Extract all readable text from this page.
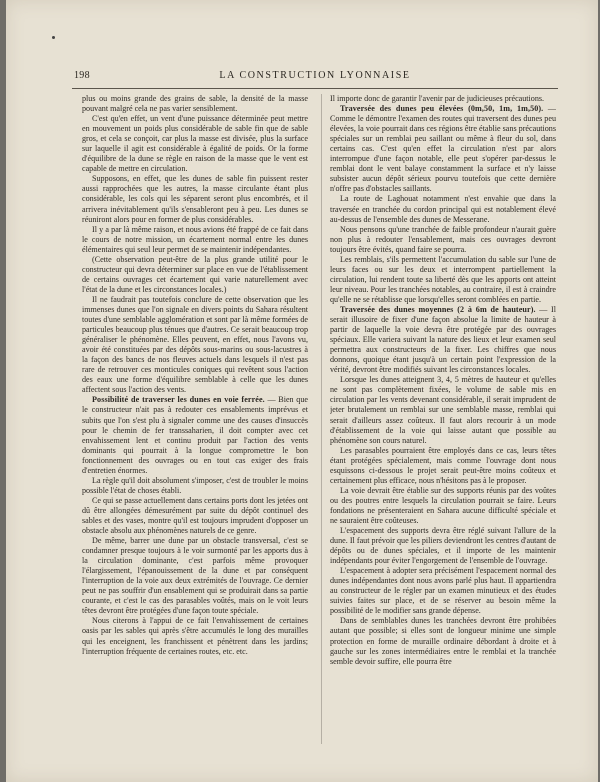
198	LA CONSTRUCTION LYONNAISE

plus ou moins grande des grains de sable, la densité de la masse pouvant malgré cela ne pas varier sensiblement.

C'est qu'en effet, un vent d'une puissance déterminée peut mettre en mouvement un poids plus considérable de sable fin que de sable gros, et cela se conçoit, car plus la masse est divisée, plus la surface sur laquelle il agit est considérable à égalité de poids. Or la forme d'équilibre de la dune se règle en raison de la masse que le vent est capable de mettre en circulation.

Supposons, en effet, que les dunes de sable fin puissent rester aussi rapprochées que les autres, la masse circulante étant plus considérable, les cols qui les séparent seront plus encombrés, et il arrivera inévitablement qu'ils s'ensableront peu à peu. Les dunes se réuniront alors pour en former de plus considérables.

Il y a par là même raison, et nous avions été frappé de ce fait dans le cours de notre mission, un écartement normal entre les dunes élémentaires qui seul leur permet de se maintenir indépendantes.

(Cette observation peut-être de la plus grande utilité pour le constructeur qui devra déterminer sur place en vue de l'établissement de certains ouvrages cet écartement qui varie naturellement avec l'état de la dune et les circonstances locales.)

Il ne faudrait pas toutefois conclure de cette observation que les immenses dunes que l'on signale en divers points du Sahara résultent toutes d'une semblable agglomération et sont par là même formées de particules beaucoup plus ténues que d'autres. Ce serait beaucoup trop généraliser le phénomène. Elles peuvent, en effet, nous l'avons vu, avoir été constituées par des dépôts sous-marins ou sous-lacustres à la façon des bancs de nos fleuves actuels dans lesquels il n'est pas rare de retrouver ces monticules coniques qui revêtent sous l'action des eaux une forme d'équilibre semblable à celle que les dunes affectent sous l'action des vents.

Possibilité de traverser les dunes en voie ferrée. — Bien que le constructeur n'ait pas à redouter ces ensablements imprévus et subits que l'on s'est plu à signaler comme une des causes d'insuccès pour le chemin de fer transsaharien, il doit compter avec cet envahissement lent et continu produit par l'action des vents dominants qui pourrait à la longue compromettre le bon fonctionnement des ouvrages ou en tout cas exiger des frais d'entretien énormes.

La règle qu'il doit absolument s'imposer, c'est de troubler le moins possible l'état de choses établi.

Ce qui se passe actuellement dans certains ports dont les jetées ont dû être allongées démesurément par suite du dépôt continuel des sables et des vases, montre qu'il est toujours imprudent d'opposer un obstacle absolu aux phénomènes naturels de ce genre.

De même, barrer une dune par un obstacle transversal, c'est se condamner presque toujours à le voir surmonté par les apports dus à la circulation dominante, c'est parfois même provoquer l'élargissement, l'épanouissement de la dune et par conséquent l'interruption de la voie aux deux extrémités de l'ouvrage. Ce dernier peut ne pas souffrir d'un ensablement qui se produirait dans sa partie courante, et c'est le cas des parasables voûtés, mais on le voit leurs têtes devront être protégées d'une façon toute spéciale.

Nous citerons à l'appui de ce fait l'envahissement de certaines oasis par les sables qui après s'être accumulés le long des murailles qui les enceignent, les franchissent et pénètrent dans les jardins; l'interruption fréquente de certaines routes, etc. etc.

Il importe donc de garantir l'avenir par de judicieuses précautions.

Traversée des dunes peu élevées (0m,50, 1m, 1m,50). — Comme le démontre l'examen des routes qui traversent des dunes peu élevées, la voie pourrait dans ces régions être établie sans précautions spéciales sur un remblai peu saillant ou même à fleur du sol, dans certains cas. C'est qu'en effet la circulation n'est par alors interrompue d'une façon notable, elle peut s'opérer par-dessus le remblai dont le vent balaye constamment la surface et n'y laisse subsister aucun dépôt sérieux pourvu toutefois que cette dernière n'offre pas d'obstacles saillants.

La route de Laghouat notamment n'est envahie que dans la traversée en tranchée du cordon principal qui est notablement élevé au-dessus de l'ensemble des dunes de Messerane.

Nous pensons qu'une tranchée de faible profondeur n'aurait guère non plus à redouter l'ensablement, mais ces ouvrages devront toujours être évités, quand faire se pourra.

Les remblais, s'ils permettent l'accumulation du sable sur l'une de leurs faces ou sur les deux et interrompent partiellement la circulation, lui rendent toute sa liberté dès que les apports ont atteint leur niveau. Pour les tranchées notables, au contraire, il est à craindre qu'elle ne se rétablisse que lorsqu'elles seront comblées en partie.

Traversée des dunes moyennes (2 à 6m de hauteur). — Il serait illusoire de fixer d'une façon absolue la limite de hauteur à partir de laquelle la voie devra être protégée par des ouvrages spéciaux. Elle variera suivant la nature des lieux et leur examen seul permettra aux constructeurs de la fixer. Les chiffres que nous donnons, quoique étant jusqu'à un certain point l'expression de la vérité, devront être modifiés suivant les circonstances locales.

Lorsque les dunes atteignent 3, 4, 5 mètres de hauteur et qu'elles ne sont pas complètement fixées, le volume de sable mis en circulation par les vents devenant considérable, il serait imprudent de jeter brutalement un remblai sur une semblable masse, remblai qui serait d'ailleurs assez coûteux. Il faut alors recourir à un mode d'établissement de la voie qui laisse autant que possible au phénomène son cours naturel.

Les parasables pourraient être employés dans ce cas, leurs têtes étant protégées spécialement, mais comme l'ouvrage dont nous esquissons ci-dessous le projet serait peut-être moins coûteux et certainement plus efficace, nous n'hésitons pas à le proposer.

La voie devrait être établie sur des supports réunis par des voûtes ou des poutres entre lesquels la circulation pourrait se faire. Leurs fondations ne présenteraient en Sahara aucune difficulté spéciale et ne sauraient être coûteuses.

L'espacement des supports devra être réglé suivant l'allure de la dune. Il faut prévoir que les piliers deviendront les centres d'autant de dépôts ou de dunes spéciales, et il importe de les maintenir indépendants pour éviter l'engorgement de l'ensemble de l'ouvrage.

L'espacement à adopter sera précisément l'espacement normal des dunes indépendantes dont nous avons parlé plus haut. Il appartiendra au constructeur de le régler par un examen minutieux et des études suivies faites sur place, et de se réserver au besoin même la possibilité de le modifier sans grande dépense.

Dans de semblables dunes les tranchées devront être prohibées autant que possible; si elles sont de longueur minime une simple protection en forme de muraille ordinaire débordant à droite et à gauche sur les zones intermédiaires entre le remblai et la tranchée semble devoir suffire, elle pourra être
